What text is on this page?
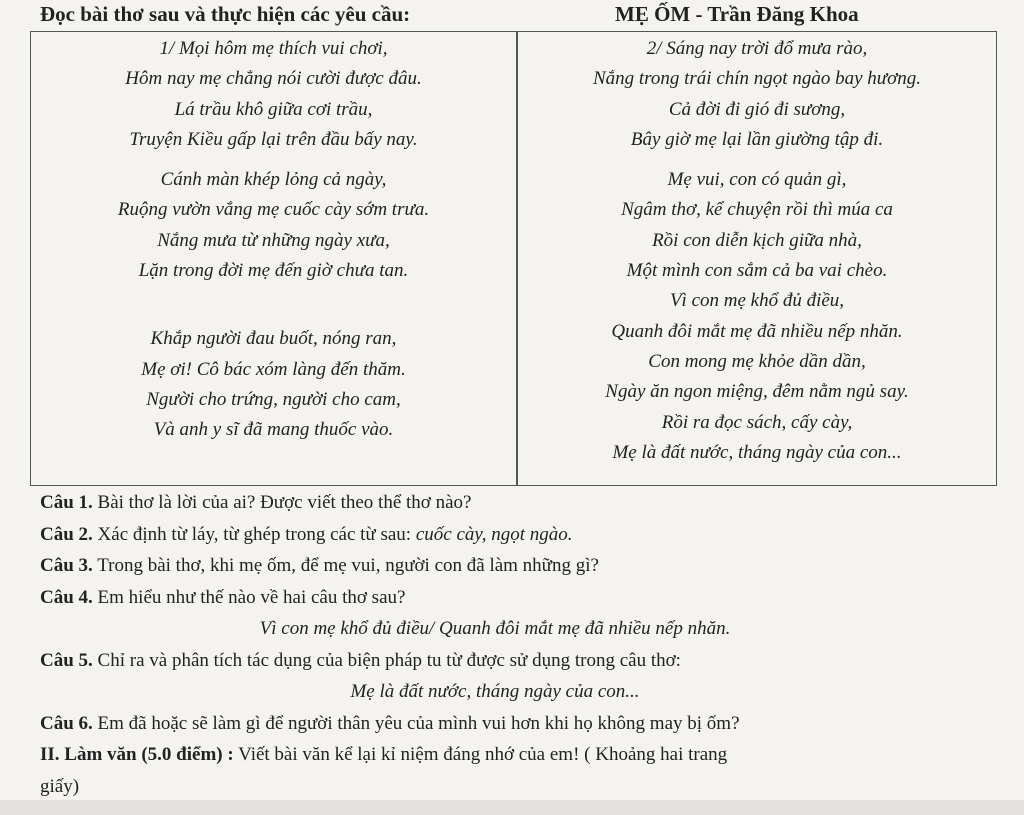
Đọc bài thơ sau và thực hiện các yêu cầu:	MẸ ỐM - Trần Đăng Khoa
1/ Mọi hôm mẹ thích vui chơi,
Hôm nay mẹ chẳng nói cười được đâu.
Lá trầu khô giữa cơi trầu,
Truyện Kiều gấp lại trên đầu bấy nay.
Cánh màn khép lỏng cả ngày,
Ruộng vườn vắng mẹ cuốc cày sớm trưa.
Nắng mưa từ những ngày xưa,
Lặn trong đời mẹ đến giờ chưa tan.
Khắp người đau buốt, nóng ran,
Mẹ ơi! Cô bác xóm làng đến thăm.
Người cho trứng, người cho cam,
Và anh y sĩ đã mang thuốc vào.
2/ Sáng nay trời đổ mưa rào,
Nắng trong trái chín ngọt ngào bay hương.
Cả đời đi gió đi sương,
Bây giờ mẹ lại lần giường tập đi.
Mẹ vui, con có quản gì,
Ngâm thơ, kể chuyện rồi thì múa ca
Rồi con diễn kịch giữa nhà,
Một mình con sắm cả ba vai chèo.
Vì con mẹ khổ đủ điều,
Quanh đôi mắt mẹ đã nhiều nếp nhăn.
Con mong mẹ khỏe dần dần,
Ngày ăn ngon miệng, đêm nằm ngủ say.
Rồi ra đọc sách, cấy cày,
Mẹ là đất nước, tháng ngày của con...
Câu 1. Bài thơ là lời của ai? Được viết theo thể thơ nào?
Câu 2. Xác định từ láy, từ ghép trong các từ sau: cuốc cày, ngọt ngào.
Câu 3. Trong bài thơ, khi mẹ ốm, để mẹ vui, người con đã làm những gì?
Câu 4. Em hiểu như thế nào về hai câu thơ sau?
Vì con mẹ khổ đủ điều/ Quanh đôi mắt mẹ đã nhiều nếp nhăn.
Câu 5. Chỉ ra và phân tích tác dụng của biện pháp tu từ được sử dụng trong câu thơ:
Mẹ là đất nước, tháng ngày của con...
Câu 6. Em đã hoặc sẽ làm gì để người thân yêu của mình vui hơn khi họ không may bị ốm?
II. Làm văn (5.0 điểm) : Viết bài văn kể lại kỉ niệm đáng nhớ của em! ( Khoảng hai trang
giấy)
